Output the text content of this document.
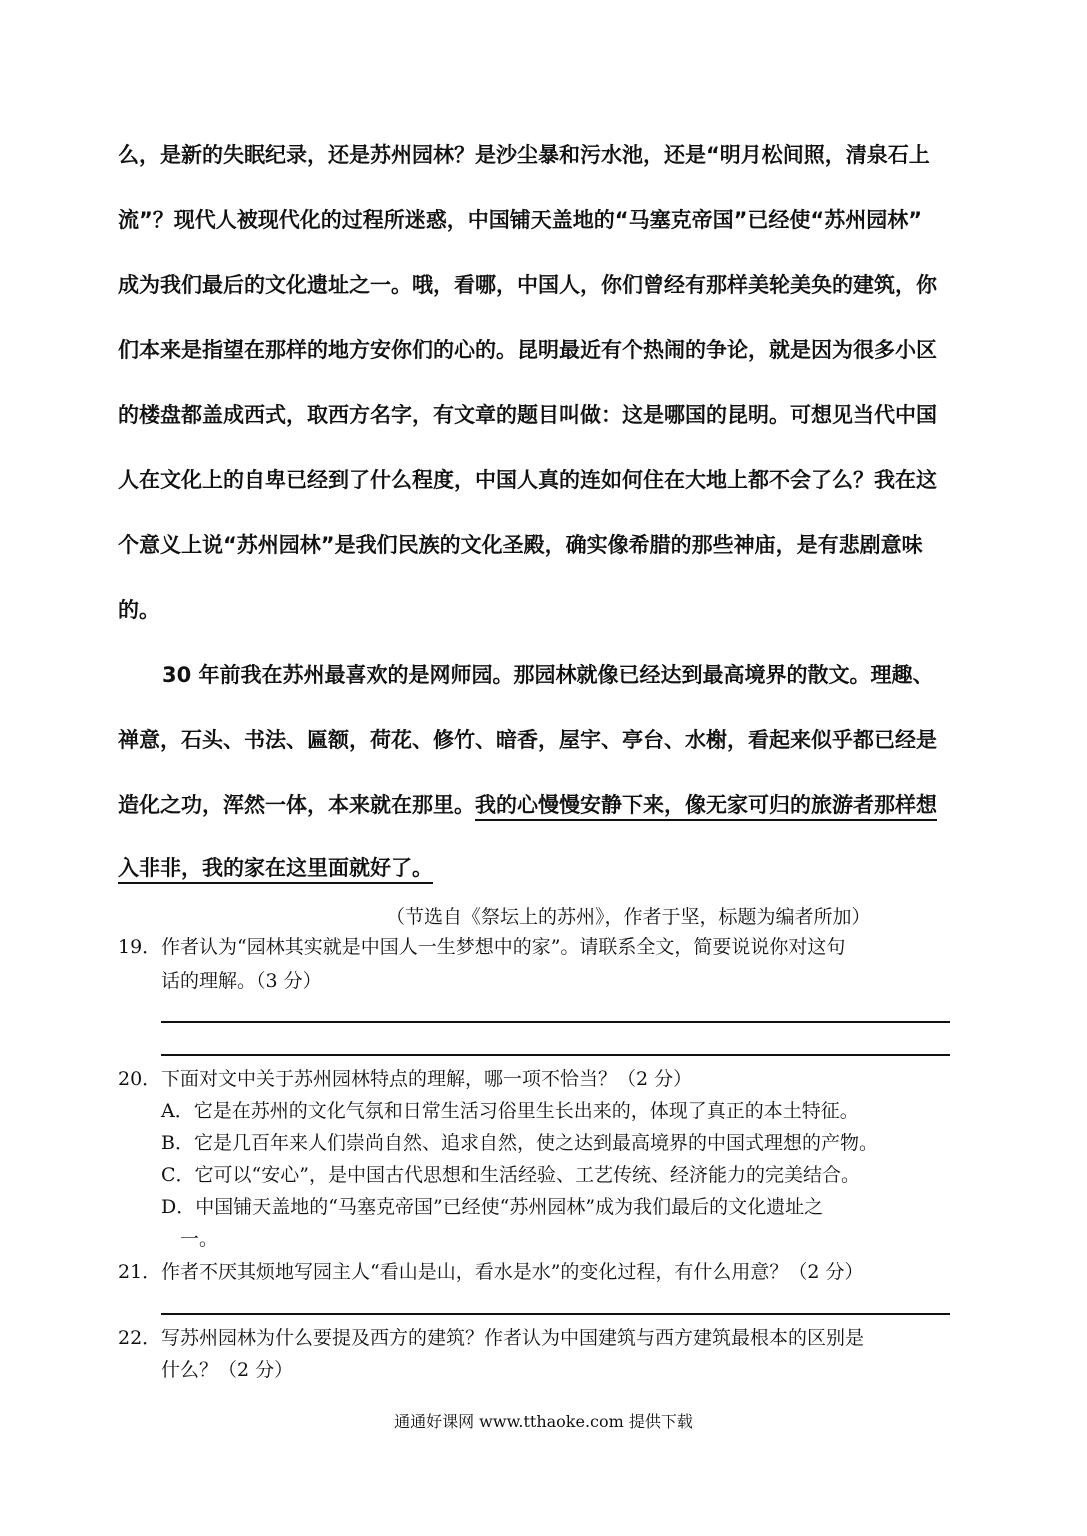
么，是新的失眠纪录，还是苏州园林？是沙尘暴和污水池，还是“明月松间照，清泉石上
流”？现代人被现代化的过程所迷惑，中国铺天盖地的“马塞克帝国”已经使“苏州园林”
成为我们最后的文化遗址之一。哦，看哪，中国人，你们曾经有那样美轮美奂的建筑，你
们本来是指望在那样的地方安你们的心的。昆明最近有个热闹的争论，就是因为很多小区
的楼盘都盖成西式，取西方名字，有文章的题目叫做：这是哪国的昆明。可想见当代中国
人在文化上的自卑已经到了什么程度，中国人真的连如何住在大地上都不会了么？我在这
个意义上说“苏州园林”是我们民族的文化圣殿，确实像希腊的那些神庙，是有悲剧意味
的。
30 年前我在苏州最喜欢的是网师园。那园林就像已经达到最高境界的散文。理趣、
禅意，石头、书法、匾额，荷花、修竹、暗香，屋宇、亭台、水榭，看起来似乎都已经是
造化之功，浑然一体，本来就在那里。我的心慢慢安静下来，像无家可归的旅游者那样想
入非非，我的家在这里面就好了。
（节选自《祭坛上的苏州》，作者于坚，标题为编者所加）
19． 作者认为“园林其实就是中国人一生梦想中的家”。请联系全文，简要说说你对这句
话的理解。（3 分）
20． 下面对文中关于苏州园林特点的理解，哪一项不恰当？（2 分）
A．它是在苏州的文化气氛和日常生活习俗里生长出来的，体现了真正的本土特征。
B．它是几百年来人们崇尚自然、追求自然，使之达到最高境界的中国式理想的产物。
C．它可以“安心”，是中国古代思想和生活经验、工艺传统、经济能力的完美结合。
D．中国铺天盖地的“马塞克帝国”已经使“苏州园林”成为我们最后的文化遗址之
一。
21． 作者不厌其烦地写园主人“看山是山，看水是水”的变化过程，有什么用意？（2 分）
22． 写苏州园林为什么要提及西方的建筑？作者认为中国建筑与西方建筑最根本的区别是
什么？（2 分）
通通好课网 www.tthaoke.com 提供下载
